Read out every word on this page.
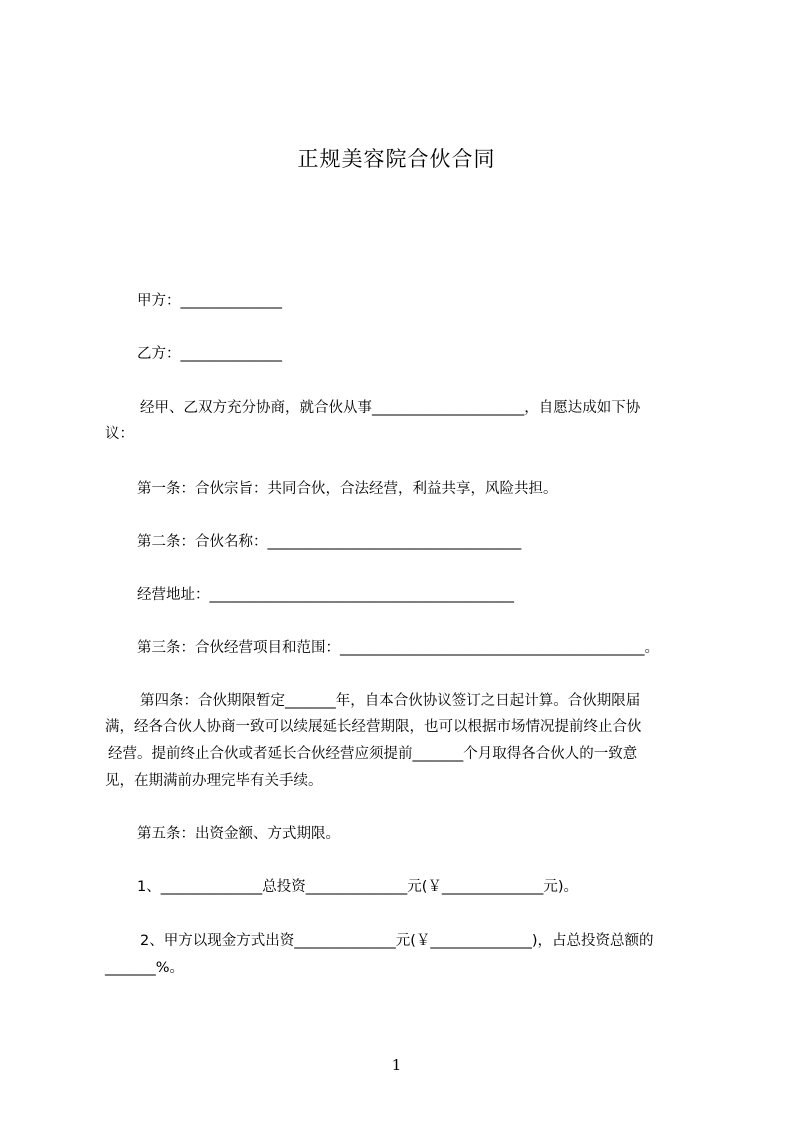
正规美容院合伙合同

甲方：______________

乙方：______________

经甲、乙双方充分协商，就合伙从事_____________________，自愿达成如下协

议：

第一条：合伙宗旨：共同合伙，合法经营，利益共享，风险共担。

第二条：合伙名称：___________________________________

经营地址：__________________________________________

第三条：合伙经营项目和范围：__________________________________________。

第四条：合伙期限暂定_______年，自本合伙协议签订之日起计算。合伙期限届

满，经各合伙人协商一致可以续展延长经营期限，也可以根据市场情况提前终止合伙

经营。提前终止合伙或者延长合伙经营应须提前_______个月取得各合伙人的一致意

见，在期满前办理完毕有关手续。

第五条：出资金额、方式期限。

1、______________总投资______________元(￥______________元)。

2、甲方以现金方式出资______________元(￥______________)，占总投资总额的

_______%。

1
